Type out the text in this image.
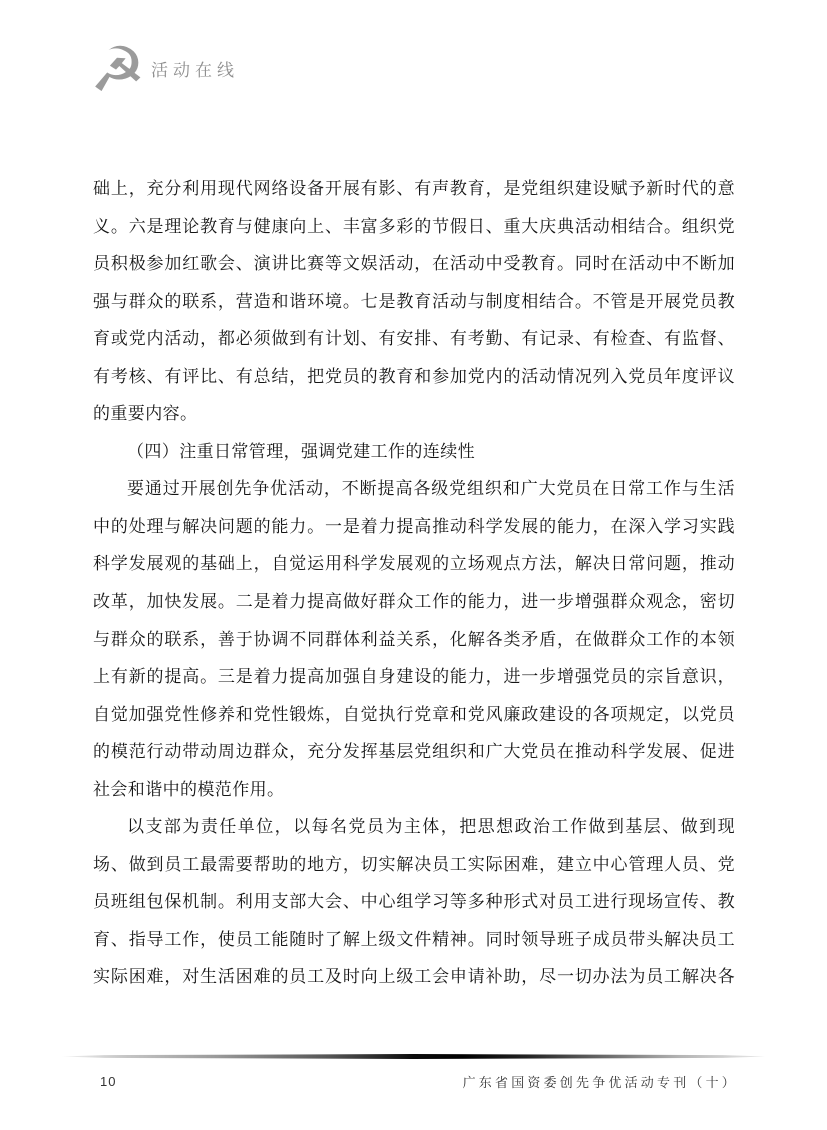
☭ 活动在线
础上，充分利用现代网络设备开展有影、有声教育，是党组织建设赋予新时代的意
义。六是理论教育与健康向上、丰富多彩的节假日、重大庆典活动相结合。组织党
员积极参加红歌会、演讲比赛等文娱活动，在活动中受教育。同时在活动中不断加
强与群众的联系，营造和谐环境。七是教育活动与制度相结合。不管是开展党员教
育或党内活动，都必须做到有计划、有安排、有考勤、有记录、有检查、有监督、
有考核、有评比、有总结，把党员的教育和参加党内的活动情况列入党员年度评议
的重要内容。
（四）注重日常管理，强调党建工作的连续性
要通过开展创先争优活动，不断提高各级党组织和广大党员在日常工作与生活
中的处理与解决问题的能力。一是着力提高推动科学发展的能力，在深入学习实践
科学发展观的基础上，自觉运用科学发展观的立场观点方法，解决日常问题，推动
改革，加快发展。二是着力提高做好群众工作的能力，进一步增强群众观念，密切
与群众的联系，善于协调不同群体利益关系，化解各类矛盾，在做群众工作的本领
上有新的提高。三是着力提高加强自身建设的能力，进一步增强党员的宗旨意识，
自觉加强党性修养和党性锻炼，自觉执行党章和党风廉政建设的各项规定，以党员
的模范行动带动周边群众，充分发挥基层党组织和广大党员在推动科学发展、促进
社会和谐中的模范作用。
以支部为责任单位，以每名党员为主体，把思想政治工作做到基层、做到现
场、做到员工最需要帮助的地方，切实解决员工实际困难，建立中心管理人员、党
员班组包保机制。利用支部大会、中心组学习等多种形式对员工进行现场宣传、教
育、指导工作，使员工能随时了解上级文件精神。同时领导班子成员带头解决员工
实际困难，对生活困难的员工及时向上级工会申请补助，尽一切办法为员工解决各
10	广东省国资委创先争优活动专刊（十）
